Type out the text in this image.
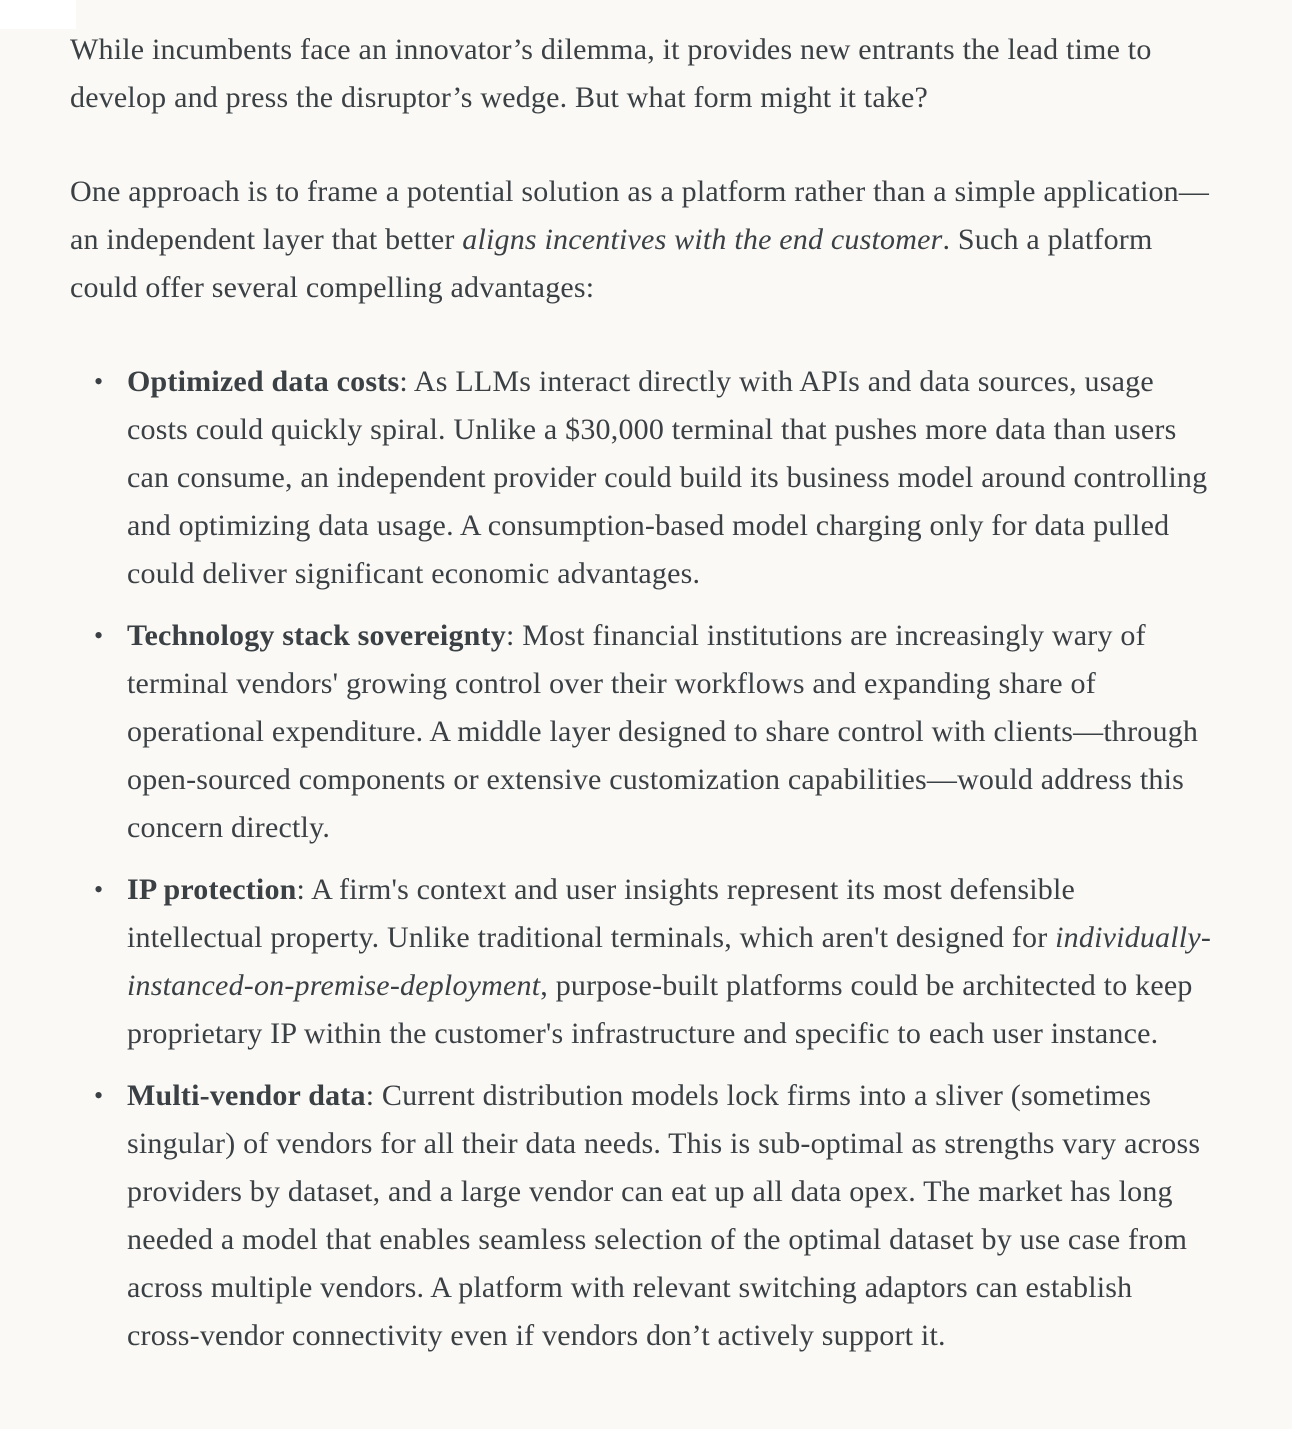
While incumbents face an innovator’s dilemma, it provides new entrants the lead time to develop and press the disruptor’s wedge. But what form might it take?

One approach is to frame a potential solution as a platform rather than a simple application—an independent layer that better aligns incentives with the end customer. Such a platform could offer several compelling advantages:

• Optimized data costs: As LLMs interact directly with APIs and data sources, usage costs could quickly spiral. Unlike a $30,000 terminal that pushes more data than users can consume, an independent provider could build its business model around controlling and optimizing data usage. A consumption-based model charging only for data pulled could deliver significant economic advantages.
• Technology stack sovereignty: Most financial institutions are increasingly wary of terminal vendors' growing control over their workflows and expanding share of operational expenditure. A middle layer designed to share control with clients—through open-sourced components or extensive customization capabilities—would address this concern directly.
• IP protection: A firm's context and user insights represent its most defensible intellectual property. Unlike traditional terminals, which aren't designed for individually-instanced-on-premise-deployment, purpose-built platforms could be architected to keep proprietary IP within the customer's infrastructure and specific to each user instance.
• Multi-vendor data: Current distribution models lock firms into a sliver (sometimes singular) of vendors for all their data needs. This is sub-optimal as strengths vary across providers by dataset, and a large vendor can eat up all data opex. The market has long needed a model that enables seamless selection of the optimal dataset by use case from across multiple vendors. A platform with relevant switching adaptors can establish cross-vendor connectivity even if vendors don’t actively support it.
